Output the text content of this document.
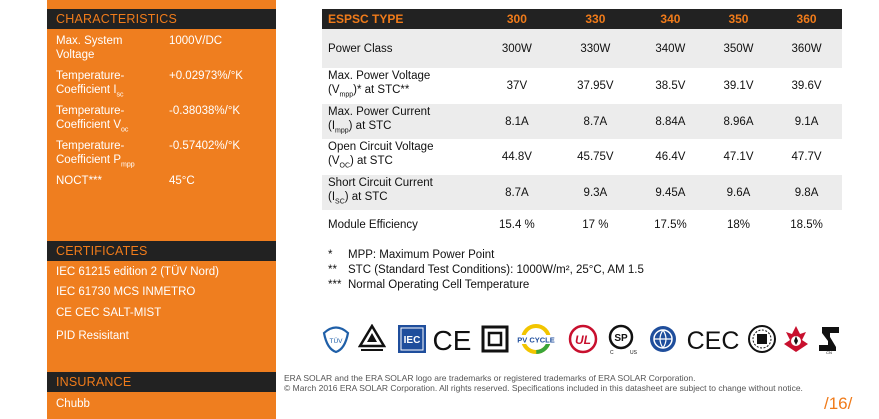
CHARACTERISTICS
Max. System Voltage
1000V/DC
Temperature-Coefficient $I_{sc}$
+0.02973%/°K
Temperature-Coefficient $V_{oc}$
-0.38038%/°K
Temperature-Coefficient $P_{mpp}$
-0.57402%/°K
NOCT***	45°C
CERTIFICATES
IEC 61215 edition 2 (TÜV Nord)
IEC 61730 MCS INMETRO
CE CEC SALT-MIST
PID Resisitant
INSURANCE
Chubb
ESPSC TYPE	300	330	340	350	360
Power Class	300W	330W	340W	350W	360W
Max. Power Voltage
$(V_{mpp})*$ at STC**	37V	37.95V	38.5V	39.1V	39.6V
Max. Power Current
$(I_{mpp})$ at STC	8.1A	8.7A	8.84A	8.96A	9.1A
Open Circuit Voltage
$(V_{OC})$ at STC	44.8V	45.75V	46.4V	47.1V	47.7V
Short Circuit Current
$(I_{SC})$ at STC	8.7A	9.3A	9.45A	9.6A	9.8A
Module Efficiency	15.4 %	17 %	17.5%	18%	18.5%
* MPP: Maximum Power Point
** STC (Standard Test Conditions): 1000W/m², 25°C, AM 1.5
*** Normal Operating Cell Temperature
TÜV	IEC CE	PV CYCLE UL SP
C	US CEC	CN
ERA SOLAR and the ERA SOLAR logo are trademarks or registered trademarks of ERA SOLAR Corporation.
© March 2016 ERA SOLAR Corporation. All rights reserved. Specifications included in this datasheet are subject to change without notice.
/16/
